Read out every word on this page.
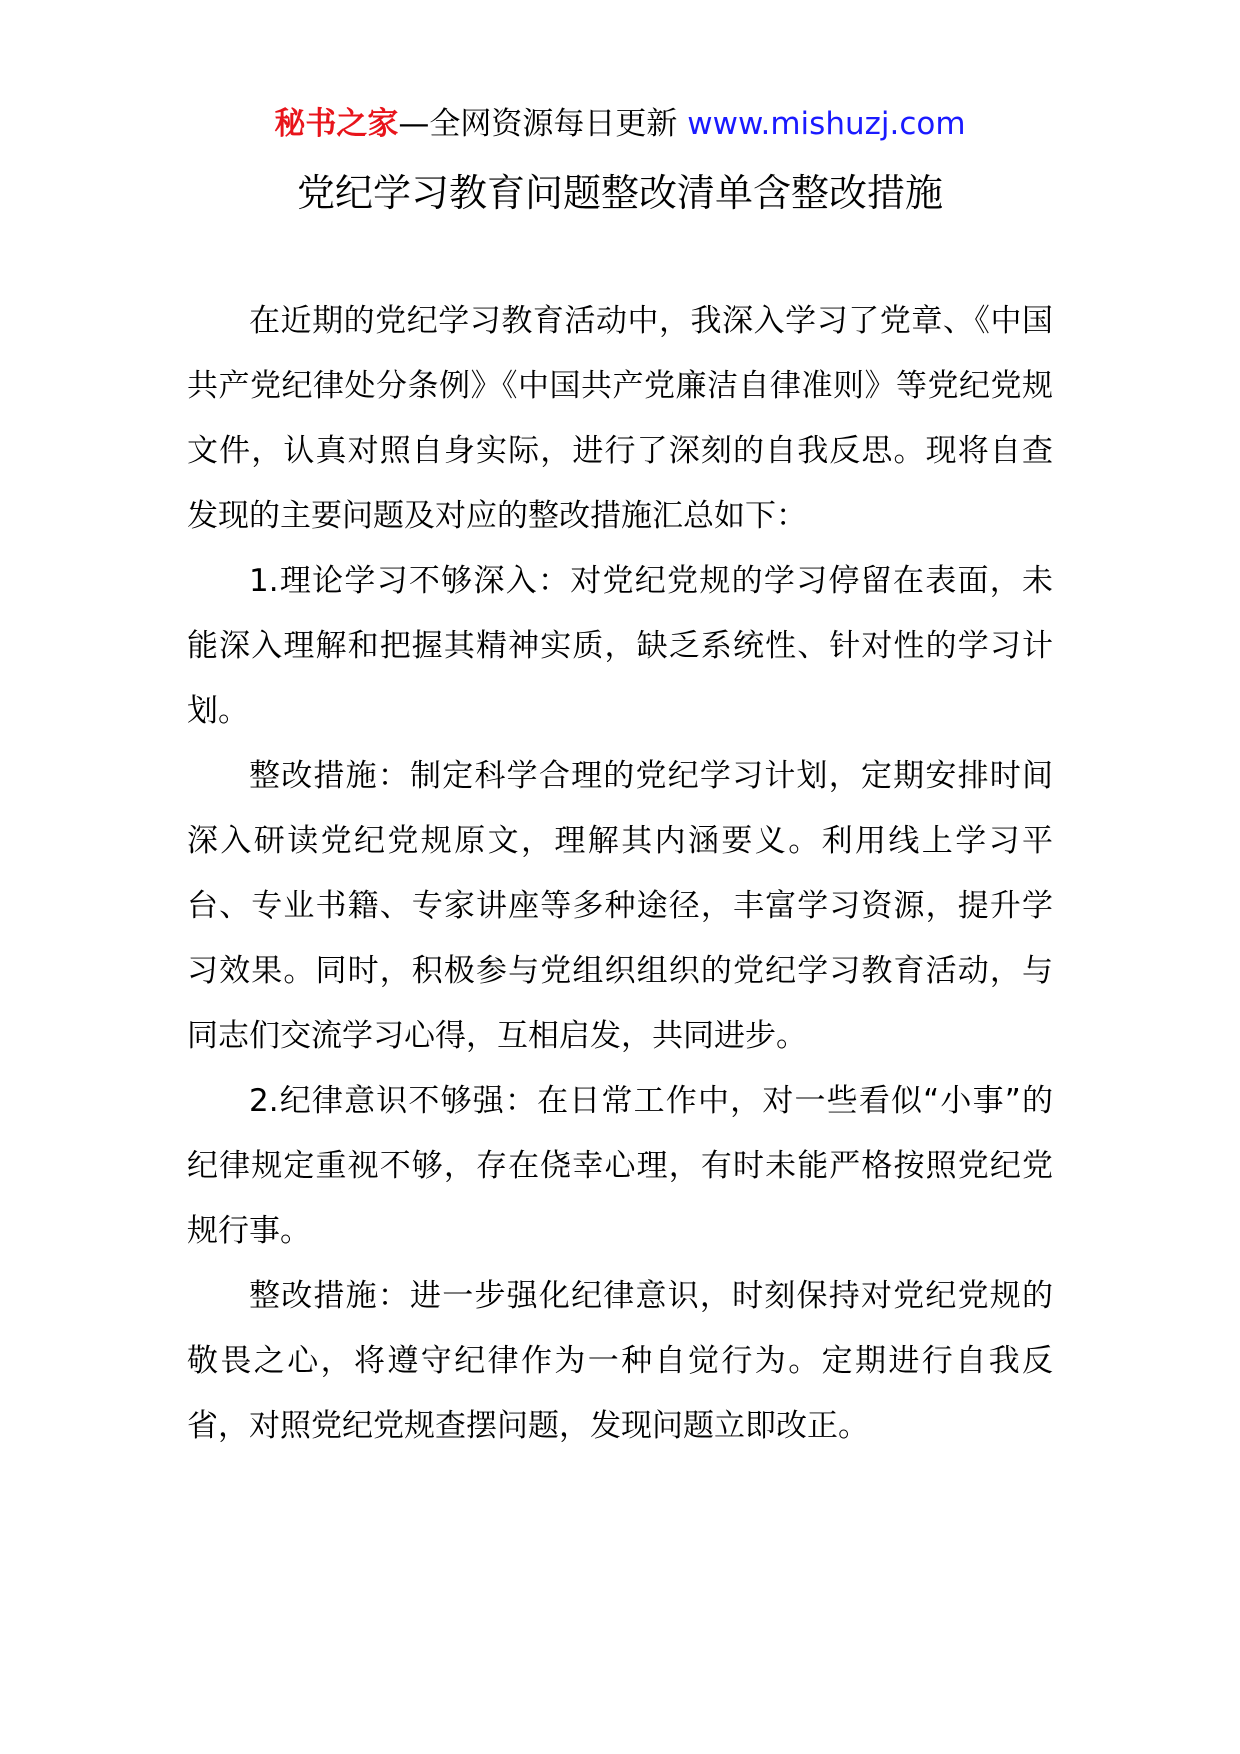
秘书之家—全网资源每日更新 www.mishuzj.com
党纪学习教育问题整改清单含整改措施

在近期的党纪学习教育活动中，我深入学习了党章、《中国共产党纪律处分条例》《中国共产党廉洁自律准则》等党纪党规文件，认真对照自身实际，进行了深刻的自我反思。现将自查发现的主要问题及对应的整改措施汇总如下：

1.理论学习不够深入：对党纪党规的学习停留在表面，未能深入理解和把握其精神实质，缺乏系统性、针对性的学习计划。

整改措施：制定科学合理的党纪学习计划，定期安排时间深入研读党纪党规原文，理解其内涵要义。利用线上学习平台、专业书籍、专家讲座等多种途径，丰富学习资源，提升学习效果。同时，积极参与党组织组织的党纪学习教育活动，与同志们交流学习心得，互相启发，共同进步。

2.纪律意识不够强：在日常工作中，对一些看似“小事”的纪律规定重视不够，存在侥幸心理，有时未能严格按照党纪党规行事。

整改措施：进一步强化纪律意识，时刻保持对党纪党规的敬畏之心，将遵守纪律作为一种自觉行为。定期进行自我反省，对照党纪党规查摆问题，发现问题立即改正。
